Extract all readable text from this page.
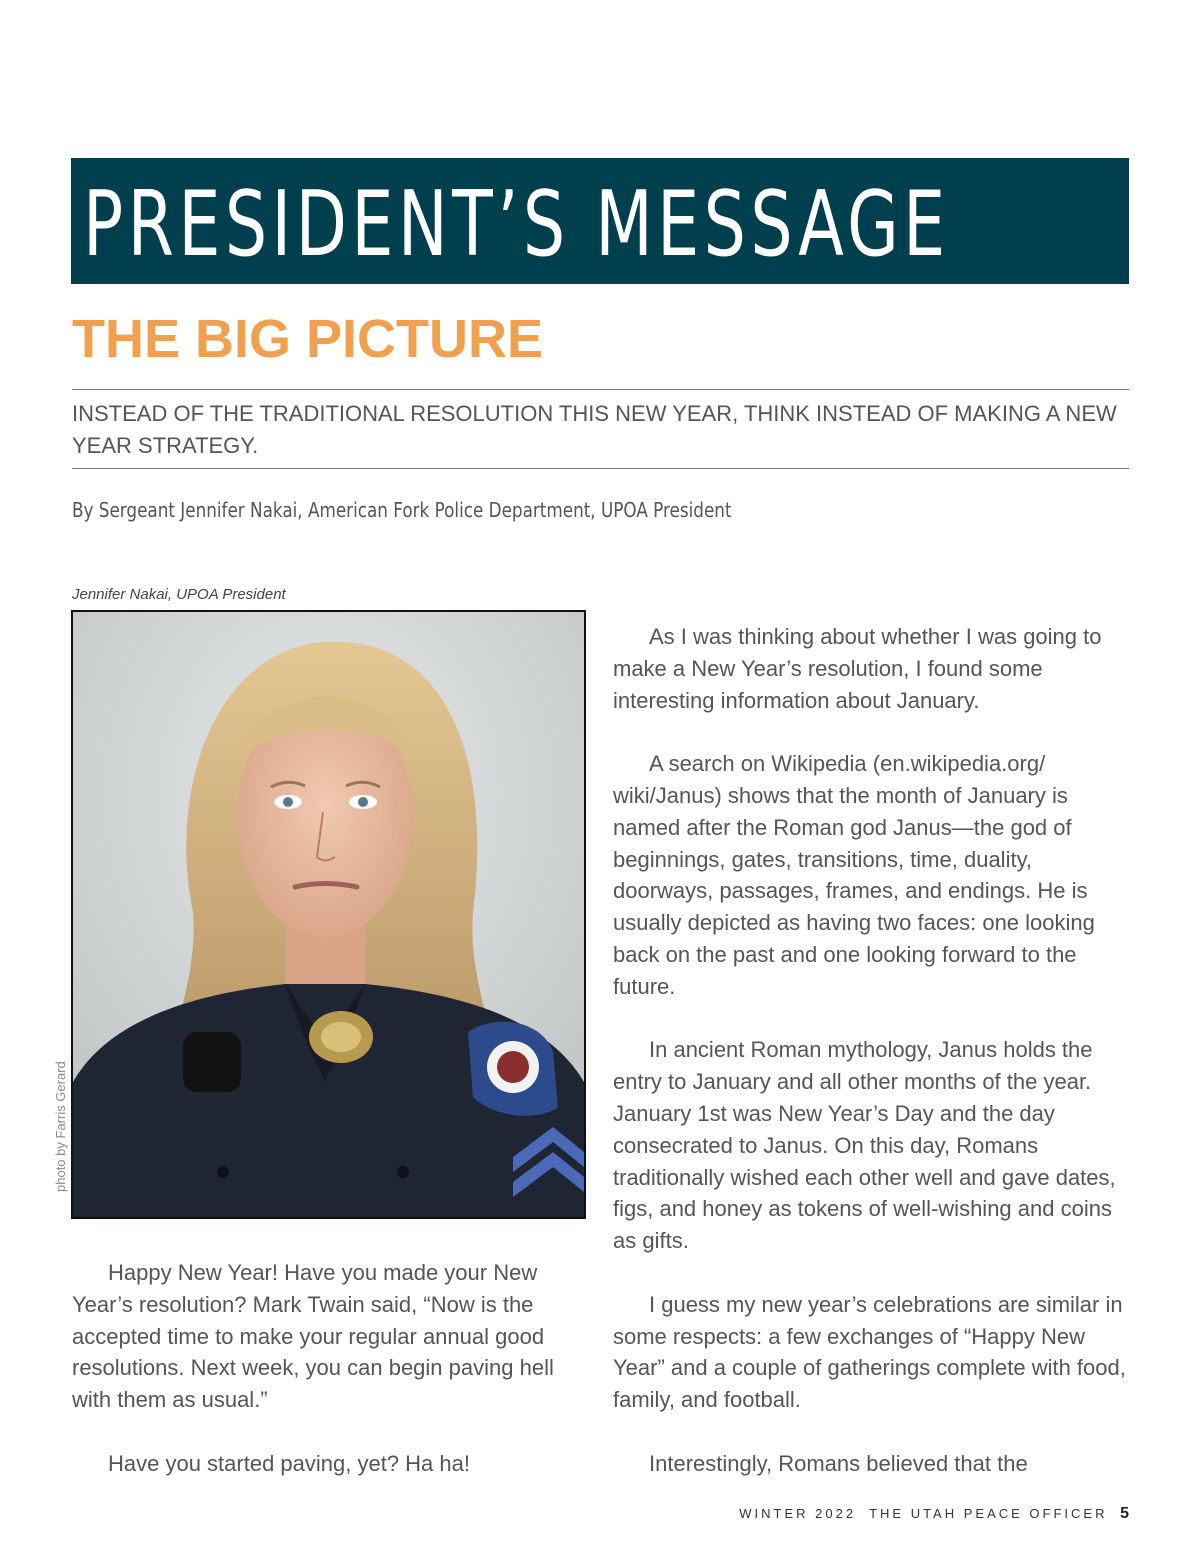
PRESIDENT’S MESSAGE
THE BIG PICTURE
INSTEAD OF THE TRADITIONAL RESOLUTION THIS NEW YEAR, THINK INSTEAD OF MAKING A NEW YEAR STRATEGY.
By Sergeant Jennifer Nakai, American Fork Police Department, UPOA President
Jennifer Nakai, UPOA President
photo by Farris Gerard

Happy New Year! Have you made your New Year’s resolution? Mark Twain said, “Now is the accepted time to make your regular annual good resolutions. Next week, you can begin paving hell with them as usual.”

Have you started paving, yet? Ha ha!

As I was thinking about whether I was going to make a New Year’s resolution, I found some interesting information about January.

A search on Wikipedia (en.wikipedia.org/ wiki/Janus) shows that the month of January is named after the Roman god Janus—the god of beginnings, gates, transitions, time, duality, doorways, passages, frames, and endings. He is usually depicted as having two faces: one looking back on the past and one looking forward to the future.

In ancient Roman mythology, Janus holds the entry to January and all other months of the year. January 1st was New Year’s Day and the day consecrated to Janus. On this day, Romans traditionally wished each other well and gave dates, figs, and honey as tokens of well-wishing and coins as gifts.

I guess my new year’s celebrations are similar in some respects: a few exchanges of “Happy New Year” and a couple of gatherings complete with food, family, and football.

Interestingly, Romans believed that the

WINTER 2022 THE UTAH PEACE OFFICER 5
